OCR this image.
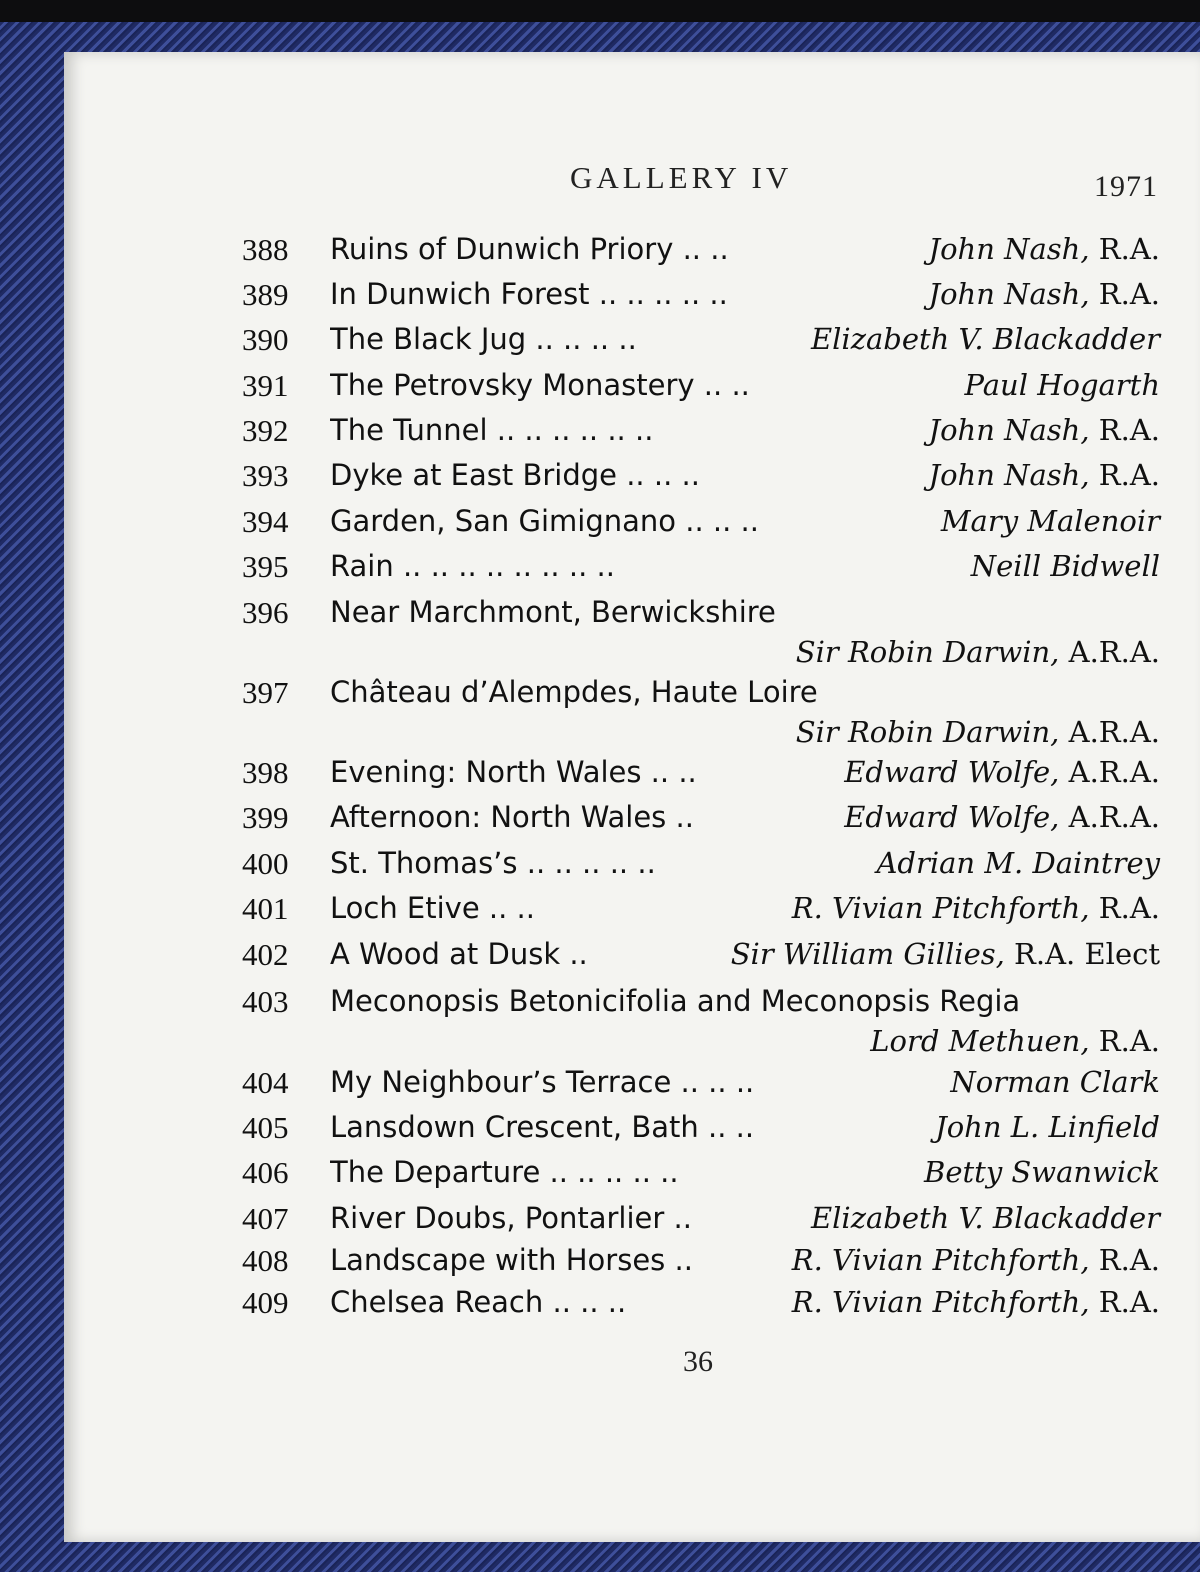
GALLERY IV	1971
388	Ruins of Dunwich Priory .. ..	John Nash, R.A.
389	In Dunwich Forest .. .. .. .. ..	John Nash, R.A.
390	The Black Jug .. .. .. ..	Elizabeth V. Blackadder
391	The Petrovsky Monastery .. ..	Paul Hogarth
392	The Tunnel .. .. .. .. .. ..	John Nash, R.A.
393	Dyke at East Bridge .. .. ..	John Nash, R.A.
394	Garden, San Gimignano .. .. ..	Mary Malenoir
395	Rain .. .. .. .. .. .. .. ..	Neill Bidwell
396	Near Marchmont, Berwickshire
Sir Robin Darwin, A.R.A.
397	Château d’Alempdes, Haute Loire
Sir Robin Darwin, A.R.A.
398	Evening: North Wales .. ..	Edward Wolfe, A.R.A.
399	Afternoon: North Wales ..	Edward Wolfe, A.R.A.
400	St. Thomas’s .. .. .. .. ..	Adrian M. Daintrey
401	Loch Etive .. ..	R. Vivian Pitchforth, R.A.
402	A Wood at Dusk ..	Sir William Gillies, R.A. Elect
403	Meconopsis Betonicifolia and Meconopsis Regia
Lord Methuen, R.A.
404	My Neighbour’s Terrace .. .. ..	Norman Clark
405	Lansdown Crescent, Bath .. ..	John L. Linfield
406	The Departure .. .. .. .. ..	Betty Swanwick
407	River Doubs, Pontarlier ..	Elizabeth V. Blackadder
408	Landscape with Horses ..	R. Vivian Pitchforth, R.A.
409	Chelsea Reach .. .. ..	R. Vivian Pitchforth, R.A.
36
